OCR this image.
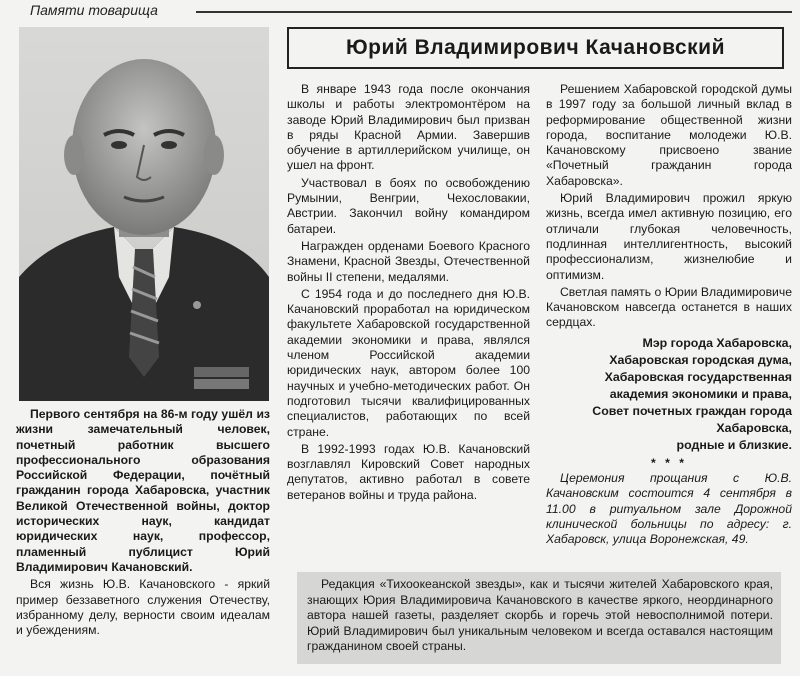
Памяти товарища
Юрий Владимирович Качановский

Первого сентября на 86-м году ушёл из жизни замечательный человек, почетный работник высшего профессионального образования Российской Федерации, почётный гражданин города Хабаровска, участник Великой Отечественной войны, доктор исторических наук, кандидат юридических наук, профессор, пламенный публицист Юрий Владимирович Качановский.

Вся жизнь Ю.В. Качановского - яркий пример беззаветного служения Отечеству, избранному делу, верности своим идеалам и убеждениям.

В январе 1943 года после окончания школы и работы электромонтёром на заводе Юрий Владимирович был призван в ряды Красной Армии. Завершив обучение в артиллерийском училище, он ушел на фронт.

Участвовал в боях по освобождению Румынии, Венгрии, Чехословакии, Австрии. Закончил войну командиром батареи.

Награжден орденами Боевого Красного Знамени, Красной Звезды, Отечественной войны II степени, медалями.

С 1954 года и до последнего дня Ю.В. Качановский проработал на юридическом факультете Хабаровской государственной академии экономики и права, являлся членом Российской академии юридических наук, автором более 100 научных и учебно-методических работ. Он подготовил тысячи квалифицированных специалистов, работающих по всей стране.

В 1992-1993 годах Ю.В. Качановский возглавлял Кировский Совет народных депутатов, активно работал в совете ветеранов войны и труда района.

Решением Хабаровской городской думы в 1997 году за большой личный вклад в реформирование общественной жизни города, воспитание молодежи Ю.В. Качановскому присвоено звание «Почетный гражданин города Хабаровска».

Юрий Владимирович прожил яркую жизнь, всегда имел активную позицию, его отличали глубокая человечность, подлинная интеллигентность, высокий профессионализм, жизнелюбие и оптимизм.

Светлая память о Юрии Владимировиче Качановском навсегда останется в наших сердцах.

Мэр города Хабаровска,
Хабаровская городская дума,
Хабаровская государственная академия экономики и права,
Совет почетных граждан города Хабаровска,
родные и близкие.
* * *

Церемония прощания с Ю.В. Качановским состоится 4 сентября в 11.00 в ритуальном зале Дорожной клинической больницы по адресу: г. Хабаровск, улица Воронежская, 49.

Редакция «Тихоокеанской звезды», как и тысячи жителей Хабаровского края, знающих Юрия Владимировича Качановского в качестве яркого, неординарного автора нашей газеты, разделяет скорбь и горечь этой невосполнимой потери. Юрий Владимирович был уникальным человеком и всегда оставался настоящим гражданином своей страны.
